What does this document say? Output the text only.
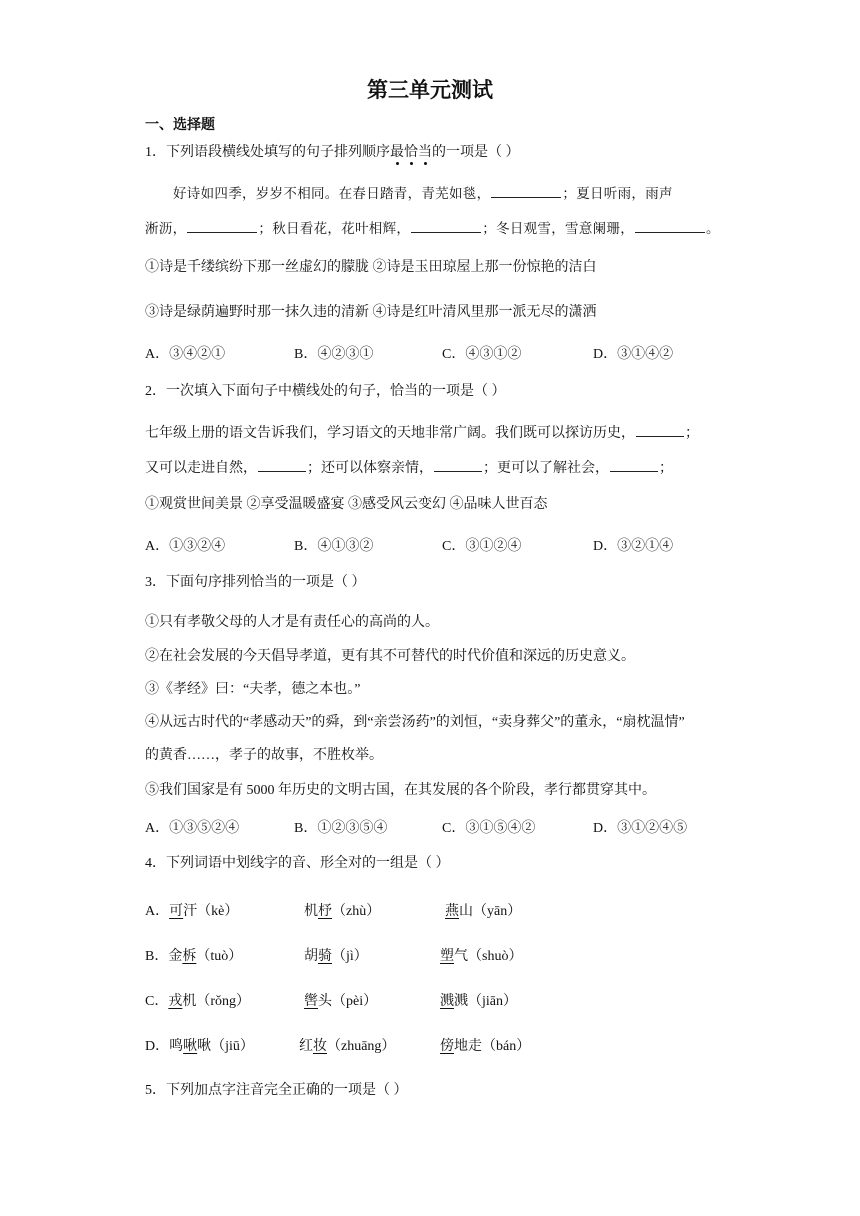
第三单元测试
一、选择题
1．下列语段横线处填写的句子排列顺序最恰当的一项是（ ）
好诗如四季，岁岁不相同。在春日踏青，青芜如毯，	；夏日听雨，雨声
淅沥，	；秋日看花，花叶相辉，	；冬日观雪，雪意阑珊，	。
①诗是千缕缤纷下那一丝虚幻的朦胧 ②诗是玉田琼屋上那一份惊艳的洁白
③诗是绿荫遍野时那一抹久违的清新 ④诗是红叶清风里那一派无尽的潇洒
A．③④②①	B．④②③①	C．④③①②	D．③①④②
2．一次填入下面句子中横线处的句子，恰当的一项是（ ）
七年级上册的语文告诉我们，学习语文的天地非常广阔。我们既可以探访历史，	；
又可以走进自然，	；还可以体察亲情，	；更可以了解社会，	；
①观赏世间美景 ②享受温暖盛宴 ③感受风云变幻 ④品味人世百态
A．①③②④	B．④①③②	C．③①②④	D．③②①④
3．下面句序排列恰当的一项是（ ）
①只有孝敬父母的人才是有责任心的高尚的人。
②在社会发展的今天倡导孝道，更有其不可替代的时代价值和深远的历史意义。
③《孝经》曰：“夫孝，德之本也。”
④从远古时代的“孝感动天”的舜，到“亲尝汤药”的刘恒，“卖身葬父”的董永，“扇枕温情”
的黄香……，孝子的故事，不胜枚举。
⑤我们国家是有 5000 年历史的文明古国，在其发展的各个阶段，孝行都贯穿其中。
A．①③⑤②④	B．①②③⑤④	C．③①⑤④②	D．③①②④⑤
4．下列词语中划线字的音、形全对的一组是（ ）
A．可汗（kè）	机杼（zhù）	燕山（yān）
B．金柝（tuò）	胡骑（jì）	塑气（shuò）
C．戎机（rǒng）	辔头（pèi）	溅溅（jiān）
D．鸣啾啾（jiū）	红妆（zhuāng）	傍地走（bán）
5．下列加点字注音完全正确的一项是（ ）
